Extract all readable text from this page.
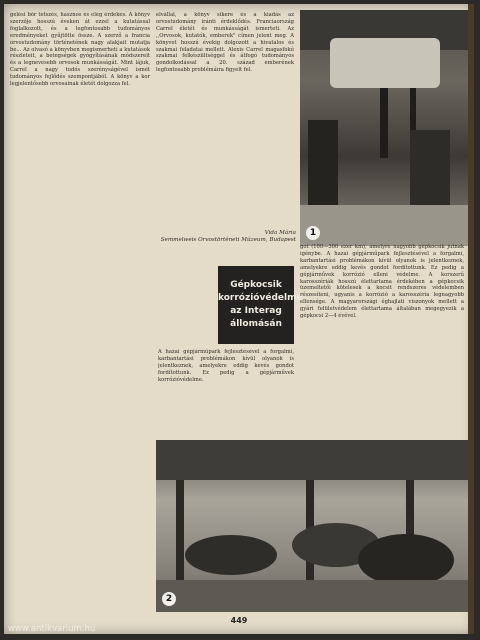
gelési bőr tetszés, hasznos és elég érdekes. A könyv szerzője hosszú éveken át ezzel a kutatással foglalkozott, és a legfontosabb tudományos eredményeket gyűjtötte össze. A szerző a francia orvostudomány történetének nagy alakjait mutatja be... Az olvasó a könyvben megismerheti a kutatások részleteit, a betegségek gyógyításának módszereit és a legnevesebb orvosok munkásságát. Mint lájuk, Carrel a nagy tudós szerényságével ismét tudományos fejlődés szempontjából. A könyv a kor legjelentősebb orvosainak életét dolgozza fel.

elvállal, a könyv sikere és a kiadás az orvostudomány iránti érdeklődés. Franciaország Carrel életét és munkásságát ismerteti. Az ,,Orvosok, kutatók, emberek" címen jelent meg. A könyvet hosszú évekig dolgozott a hivatalos és szakmai feladatai mellett. Alexis Carrel magasfokú szakmai felkészültséggel és átfogó tudományos gondolkodással a 20. század emberének legfontosabb problémáira figyelt fel.

1
Vida Mária
Semmelweis Orvostörténeti Múzeum, Budapest
Gépkocsik korrózióvédelme az Interag állomásán

got (100—300 ezer km), amelyre nagyobb gépkocsik jutnak igénybe. A hazai gépjárműpark fejlesztésével a forgalmi, karbantartási problémákon kívül olyanok is jelentkeznek, amelyekre eddig kevés gondot fordítottunk. Ez pedig a gépjárművek korrózió elleni védelme. A korszerű karosszériák hosszú élettartama érdekében a gépkocsik üzemeltetői kötelesek a kocsit rendszeres védelemben részesíteni, ugyanis a korrózió a karosszéria legnagyobb ellensége. A magyarországi éghajlati viszonyok mellett a gyári felületvédelem élettartama általában megegyezik a gépkocsi 2—4 évével.

A hazai gépjárműpark fejlesztésével a forgalmi, karbantartási problémákon kívül olyanok is jelentkeznek, amelyekre eddig kevés gondot fordítottunk. Ez pedig a gépjárművek korrózióvédelme.

2
449
www.antikvarium.hu
